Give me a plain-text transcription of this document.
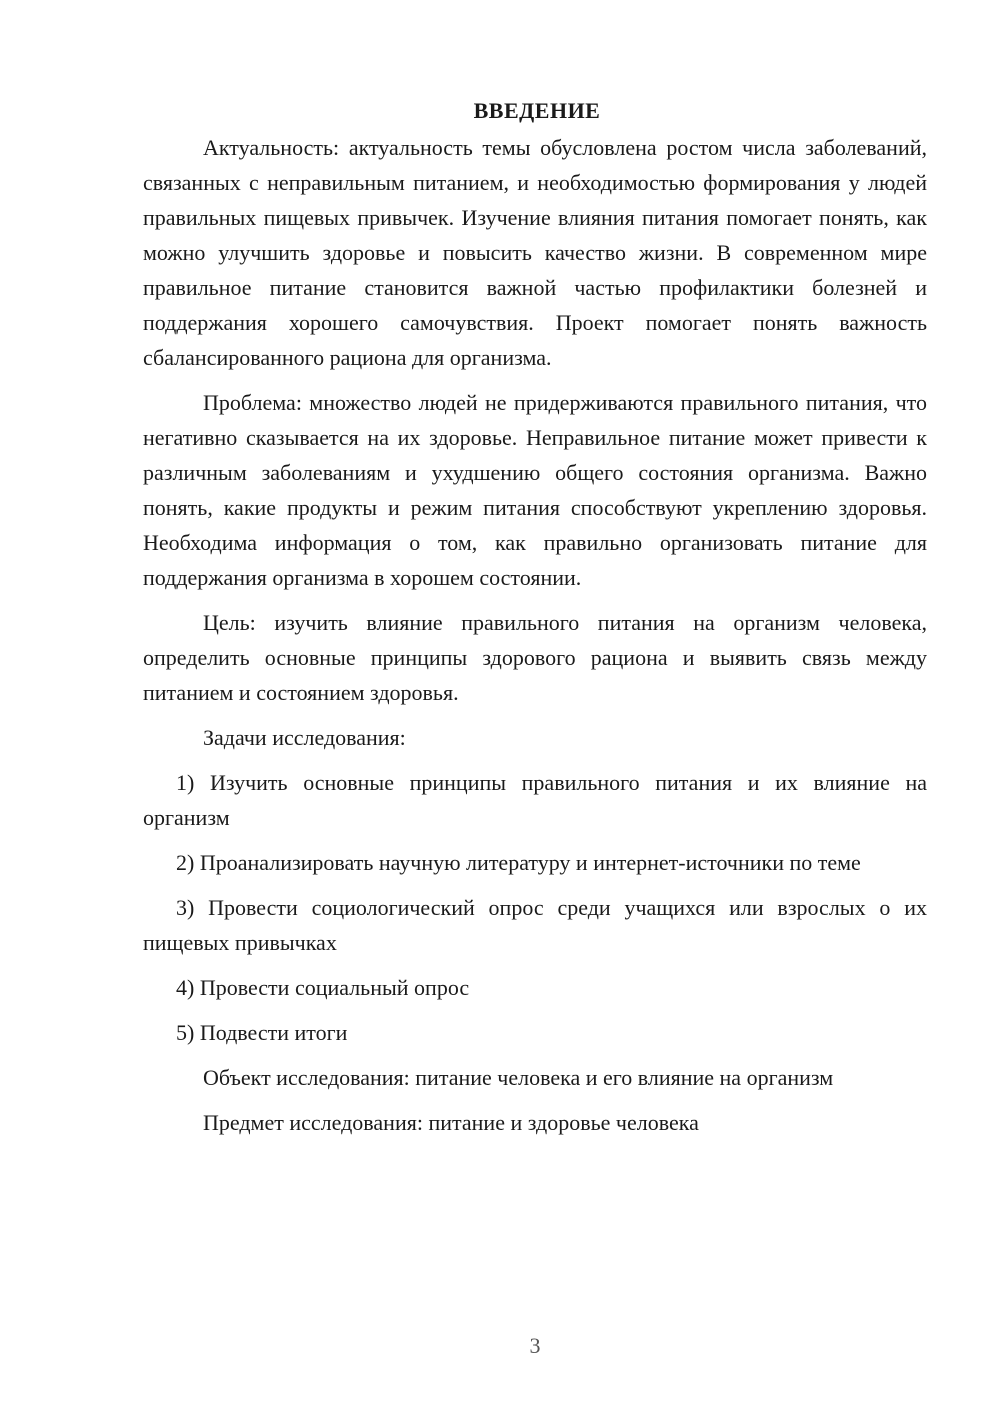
ВВЕДЕНИЕ

Актуальность: актуальность темы обусловлена ростом числа заболеваний, связанных с неправильным питанием, и необходимостью формирования у людей правильных пищевых привычек. Изучение влияния питания помогает понять, как можно улучшить здоровье и повысить качество жизни. В современном мире правильное питание становится важной частью профилактики болезней и поддержания хорошего самочувствия. Проект помогает понять важность сбалансированного рациона для организма.

Проблема: множество людей не придерживаются правильного питания, что негативно сказывается на их здоровье. Неправильное питание может привести к различным заболеваниям и ухудшению общего состояния организма. Важно понять, какие продукты и режим питания способствуют укреплению здоровья. Необходима информация о том, как правильно организовать питание для поддержания организма в хорошем состоянии.

Цель: изучить влияние правильного питания на организм человека, определить основные принципы здорового рациона и выявить связь между питанием и состоянием здоровья.

Задачи исследования:

1) Изучить основные принципы правильного питания и их влияние на организм

2) Проанализировать научную литературу и интернет-источники по теме

3) Провести социологический опрос среди учащихся или взрослых о их пищевых привычках

4) Провести социальный опрос

5) Подвести итоги

Объект исследования: питание человека и его влияние на организм

Предмет исследования: питание и здоровье человека

3
